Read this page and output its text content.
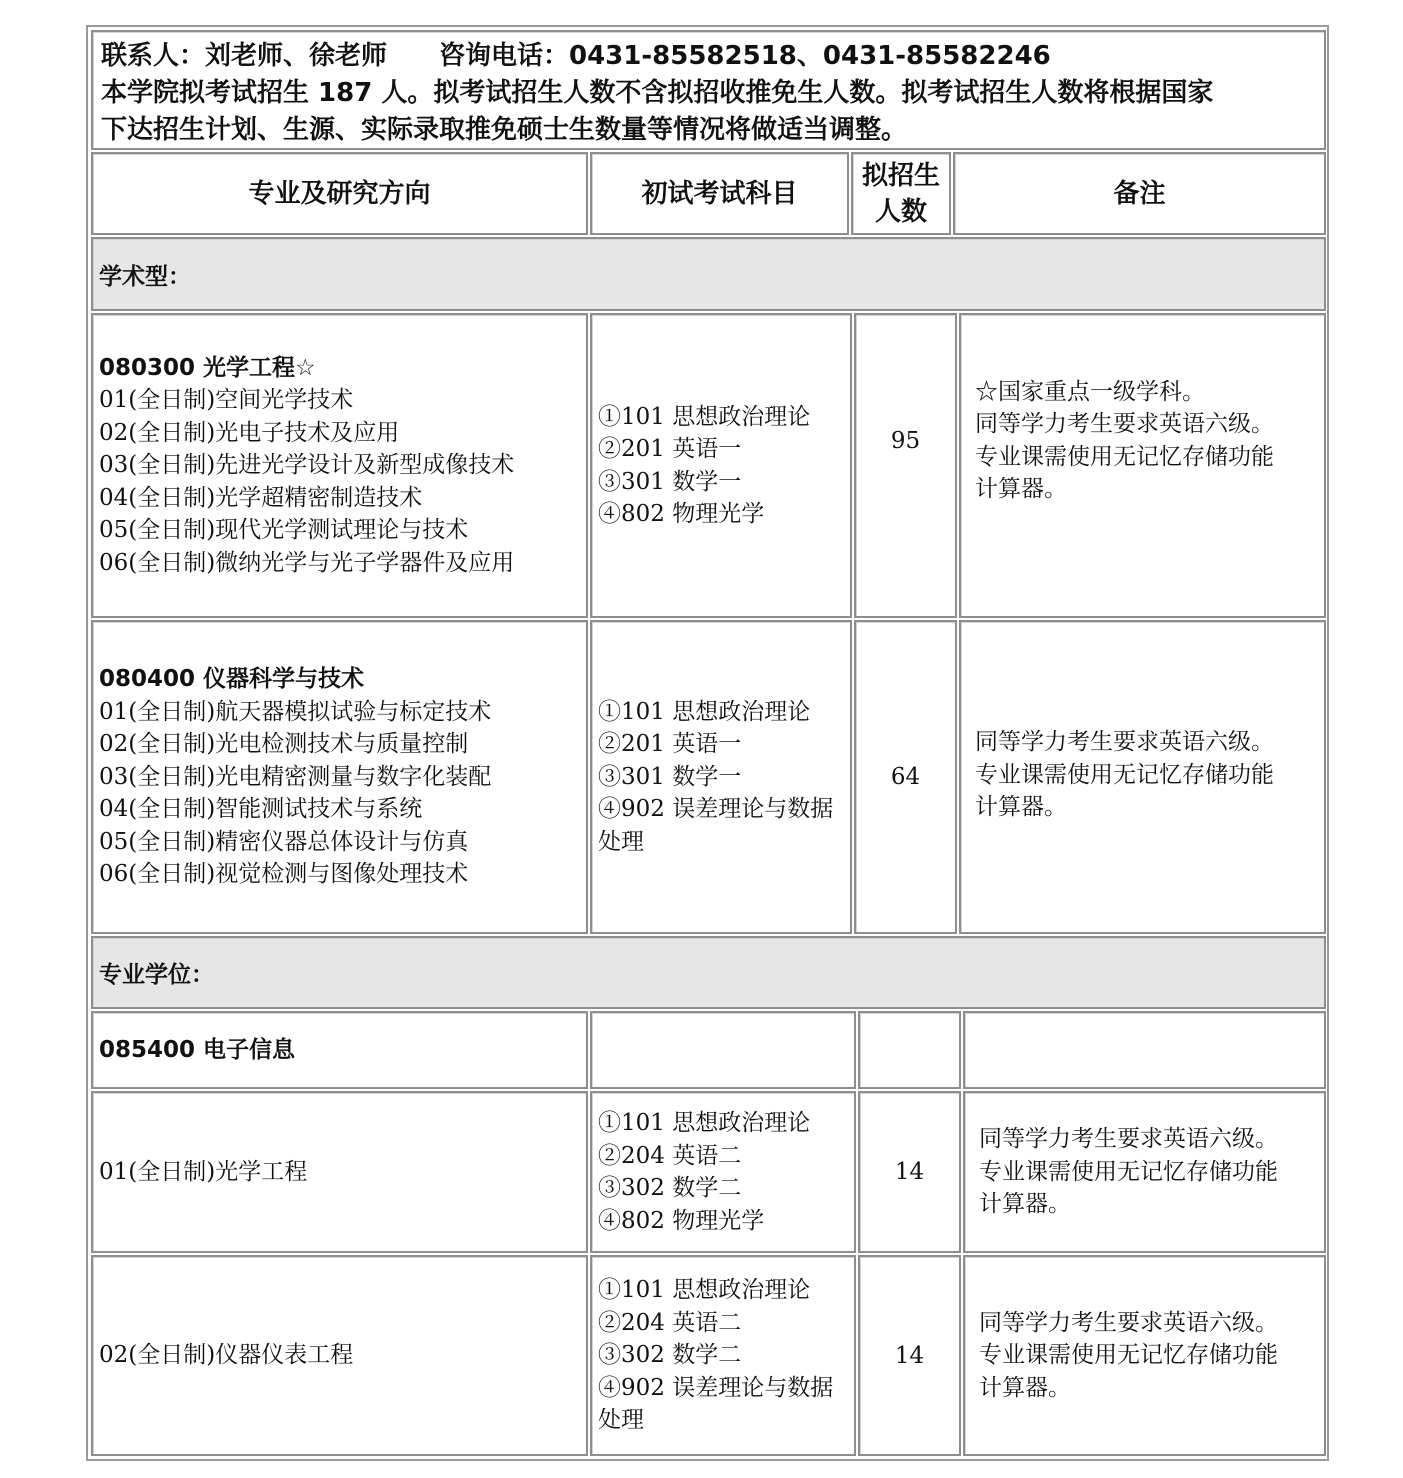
联系人：刘老师、徐老师　　咨询电话：0431-85582518、0431-85582246
本学院拟考试招生 187 人。拟考试招生人数不含拟招收推免生人数。拟考试招生人数将根据国家
下达招生计划、生源、实际录取推免硕士生数量等情况将做适当调整。
专业及研究方向	初试考试科目
拟招生
人数
备注
学术型：
080300 光学工程☆
01(全日制)空间光学技术
02(全日制)光电子技术及应用
03(全日制)先进光学设计及新型成像技术
04(全日制)光学超精密制造技术
05(全日制)现代光学测试理论与技术
06(全日制)微纳光学与光子学器件及应用
①101 思想政治理论
②201 英语一
③301 数学一
④802 物理光学
95
☆国家重点一级学科。
同等学力考生要求英语六级。
专业课需使用无记忆存储功能
计算器。
080400 仪器科学与技术
01(全日制)航天器模拟试验与标定技术
02(全日制)光电检测技术与质量控制
03(全日制)光电精密测量与数字化装配
04(全日制)智能测试技术与系统
05(全日制)精密仪器总体设计与仿真
06(全日制)视觉检测与图像处理技术
①101 思想政治理论
②201 英语一
③301 数学一
④902 误差理论与数据
处理
64
同等学力考生要求英语六级。
专业课需使用无记忆存储功能
计算器。
专业学位：
085400 电子信息
01(全日制)光学工程
①101 思想政治理论
②204 英语二
③302 数学二
④802 物理光学
14
同等学力考生要求英语六级。
专业课需使用无记忆存储功能
计算器。
02(全日制)仪器仪表工程
①101 思想政治理论
②204 英语二
③302 数学二
④902 误差理论与数据
处理
14
同等学力考生要求英语六级。
专业课需使用无记忆存储功能
计算器。
